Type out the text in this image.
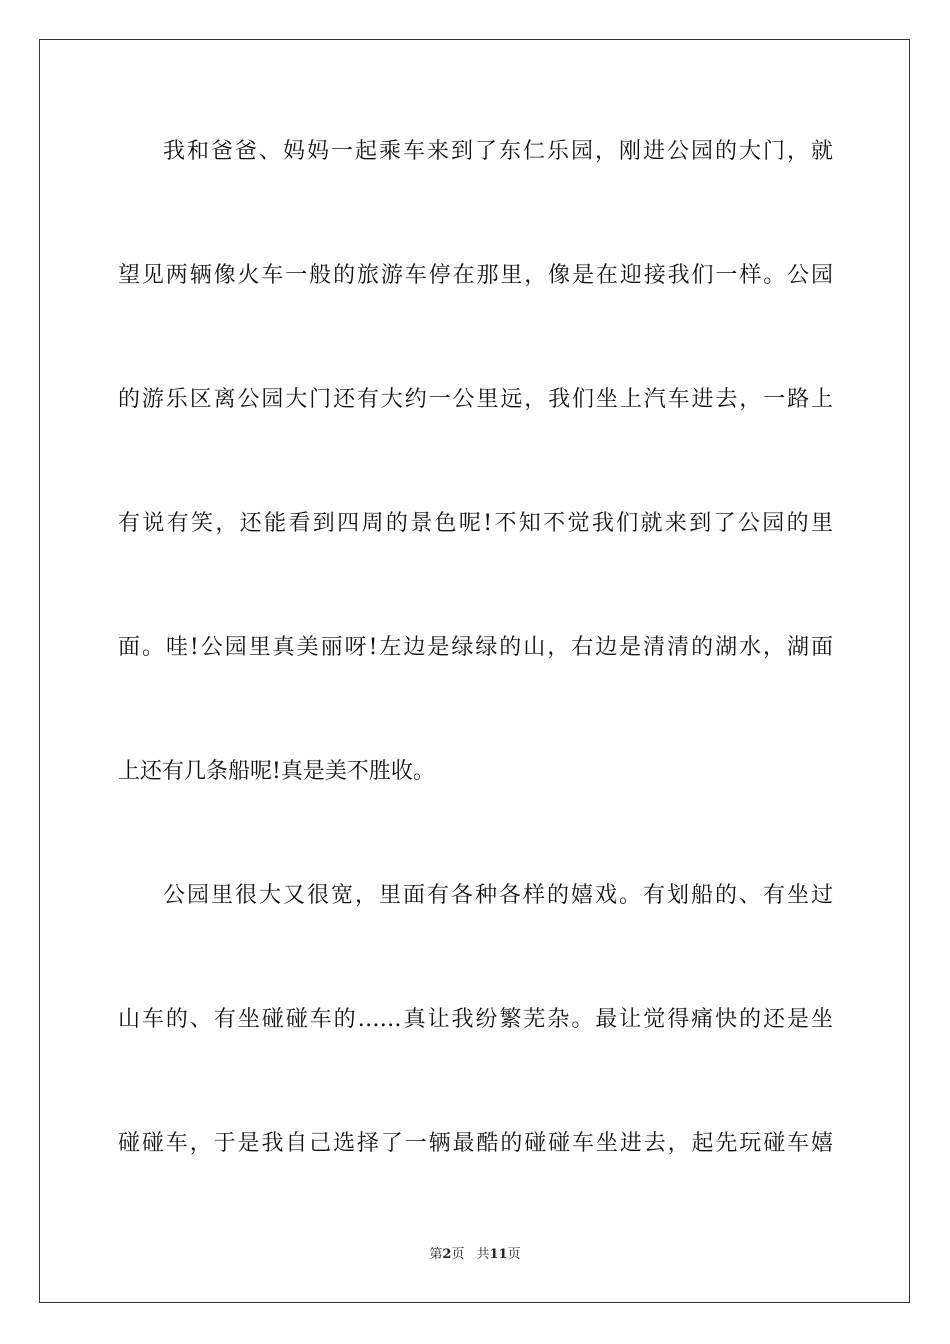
我和爸爸、妈妈一起乘车来到了东仁乐园，刚进公园的大门，就
望见两辆像火车一般的旅游车停在那里，像是在迎接我们一样。公园
的游乐区离公园大门还有大约一公里远，我们坐上汽车进去，一路上
有说有笑，还能看到四周的景色呢!不知不觉我们就来到了公园的里
面。哇!公园里真美丽呀!左边是绿绿的山，右边是清清的湖水，湖面
上还有几条船呢!真是美不胜收。
公园里很大又很宽，里面有各种各样的嬉戏。有划船的、有坐过
山车的、有坐碰碰车的……真让我纷繁芜杂。最让觉得痛快的还是坐
碰碰车，于是我自己选择了一辆最酷的碰碰车坐进去，起先玩碰车嬉
第2页 共11页
